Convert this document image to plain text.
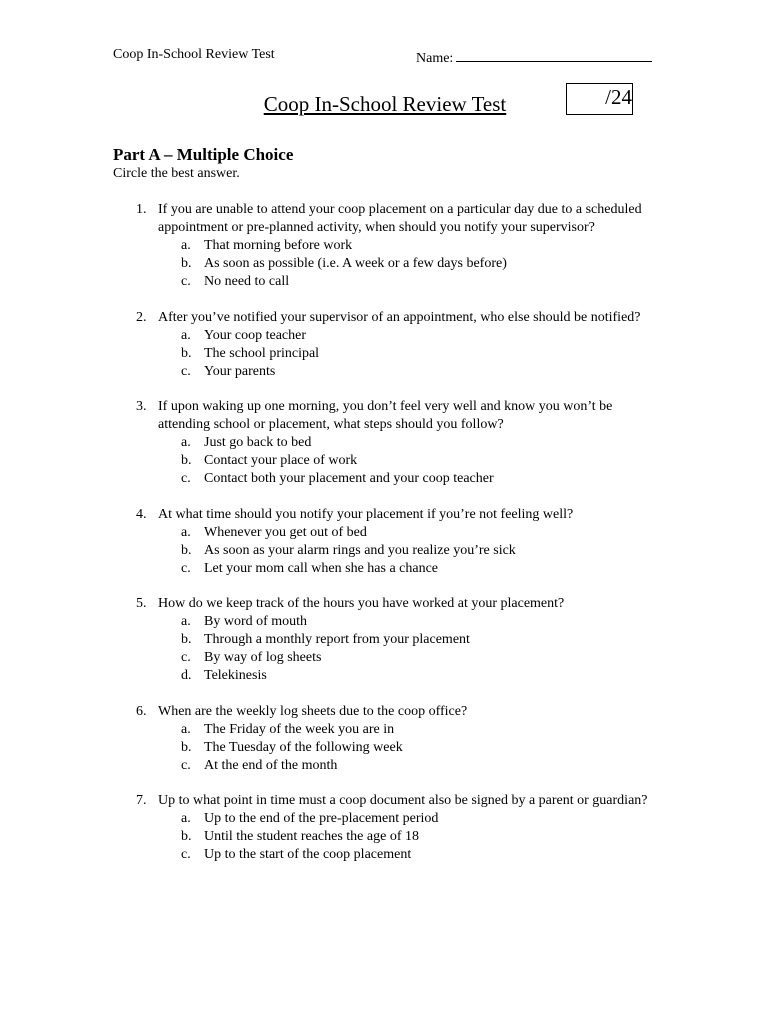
Coop In-School Review Test	Name:
Coop In-School Review Test	/24
Part A – Multiple Choice
Circle the best answer.
1. If you are unable to attend your coop placement on a particular day due to a scheduled appointment or pre-planned activity, when should you notify your supervisor?
a. That morning before work
b. As soon as possible (i.e. A week or a few days before)
c. No need to call
2. After you’ve notified your supervisor of an appointment, who else should be notified?
a. Your coop teacher
b. The school principal
c. Your parents
3. If upon waking up one morning, you don’t feel very well and know you won’t be attending school or placement, what steps should you follow?
a. Just go back to bed
b. Contact your place of work
c. Contact both your placement and your coop teacher
4. At what time should you notify your placement if you’re not feeling well?
a. Whenever you get out of bed
b. As soon as your alarm rings and you realize you’re sick
c. Let your mom call when she has a chance
5. How do we keep track of the hours you have worked at your placement?
a. By word of mouth
b. Through a monthly report from your placement
c. By way of log sheets
d. Telekinesis
6. When are the weekly log sheets due to the coop office?
a. The Friday of the week you are in
b. The Tuesday of the following week
c. At the end of the month
7. Up to what point in time must a coop document also be signed by a parent or guardian?
a. Up to the end of the pre-placement period
b. Until the student reaches the age of 18
c. Up to the start of the coop placement
